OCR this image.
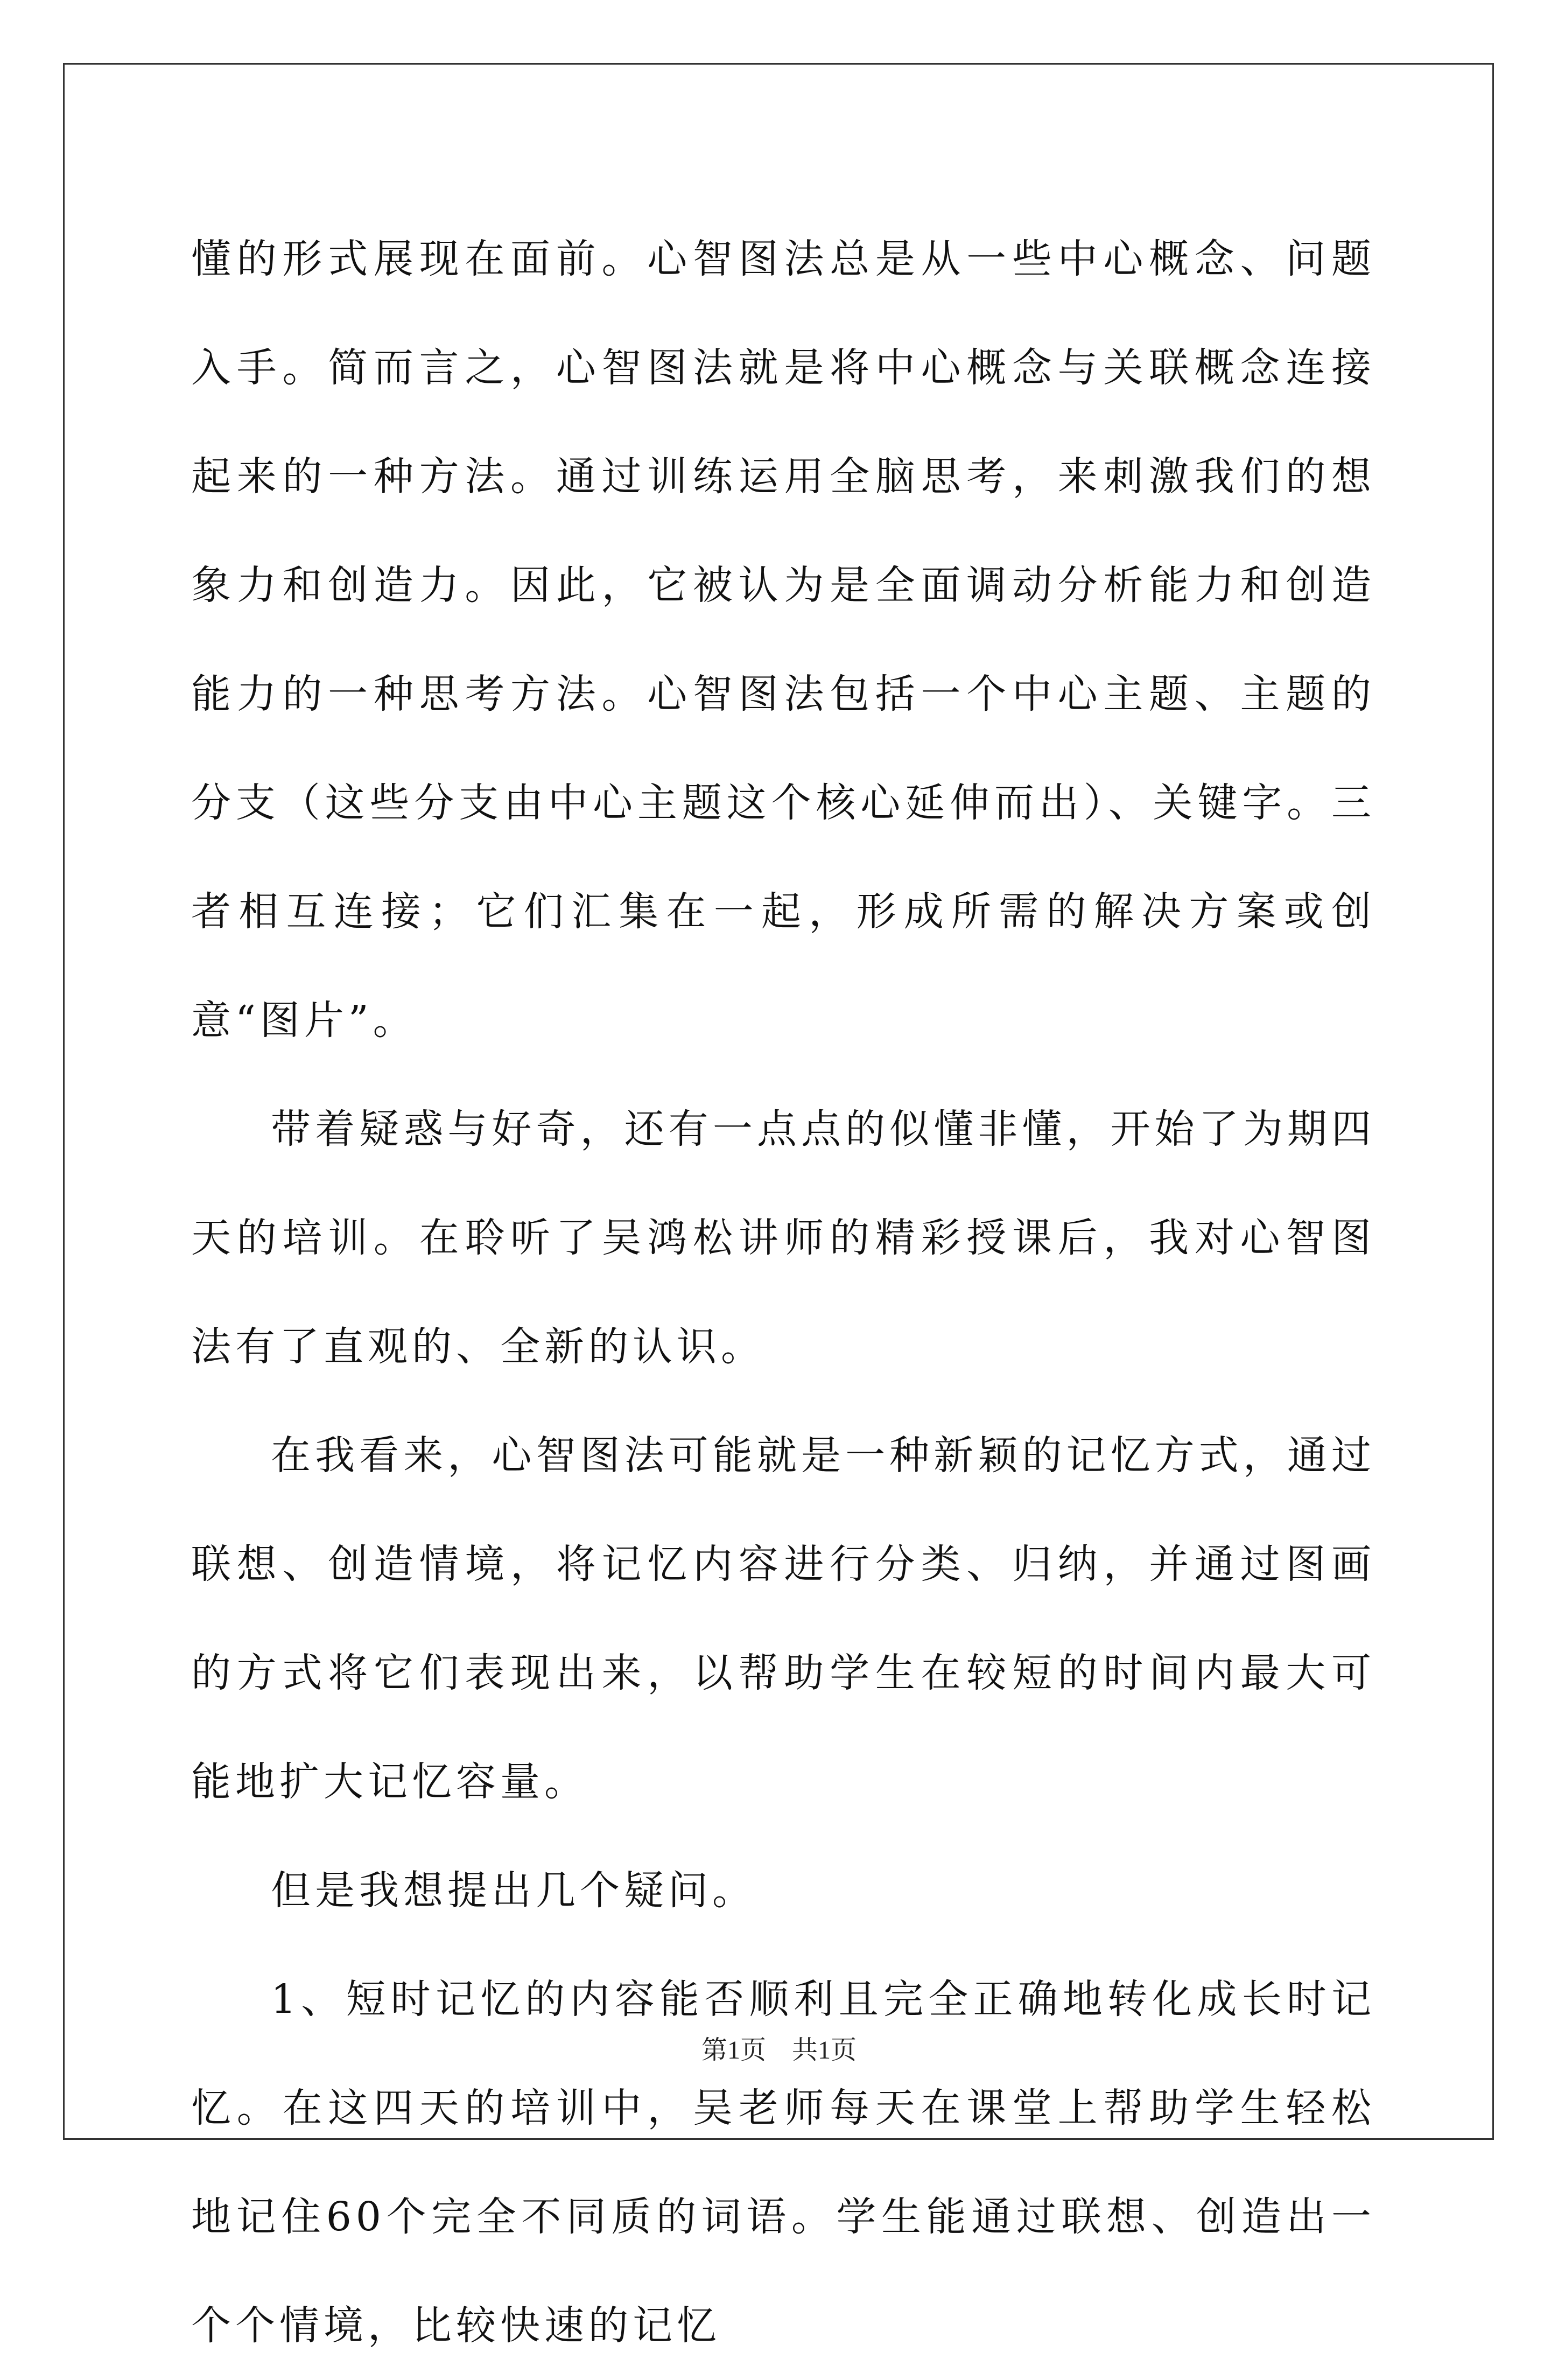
懂的形式展现在面前。心智图法总是从一些中心概念、问题入手。简而言之，心智图法就是将中心概念与关联概念连接起来的一种方法。通过训练运用全脑思考，来刺激我们的想象力和创造力。因此，它被认为是全面调动分析能力和创造能力的一种思考方法。心智图法包括一个中心主题、主题的分支（这些分支由中心主题这个核心延伸而出）、关键字。三者相互连接；它们汇集在一起，形成所需的解决方案或创意“图片”。

带着疑惑与好奇，还有一点点的似懂非懂，开始了为期四天的培训。在聆听了吴鸿松讲师的精彩授课后，我对心智图法有了直观的、全新的认识。

在我看来，心智图法可能就是一种新颖的记忆方式，通过联想、创造情境，将记忆内容进行分类、归纳，并通过图画的方式将它们表现出来，以帮助学生在较短的时间内最大可能地扩大记忆容量。

但是我想提出几个疑问。

1、短时记忆的内容能否顺利且完全正确地转化成长时记忆。在这四天的培训中，吴老师每天在课堂上帮助学生轻松地记住60个完全不同质的词语。学生能通过联想、创造出一个个情境，比较快速的记忆

第1页　共1页
